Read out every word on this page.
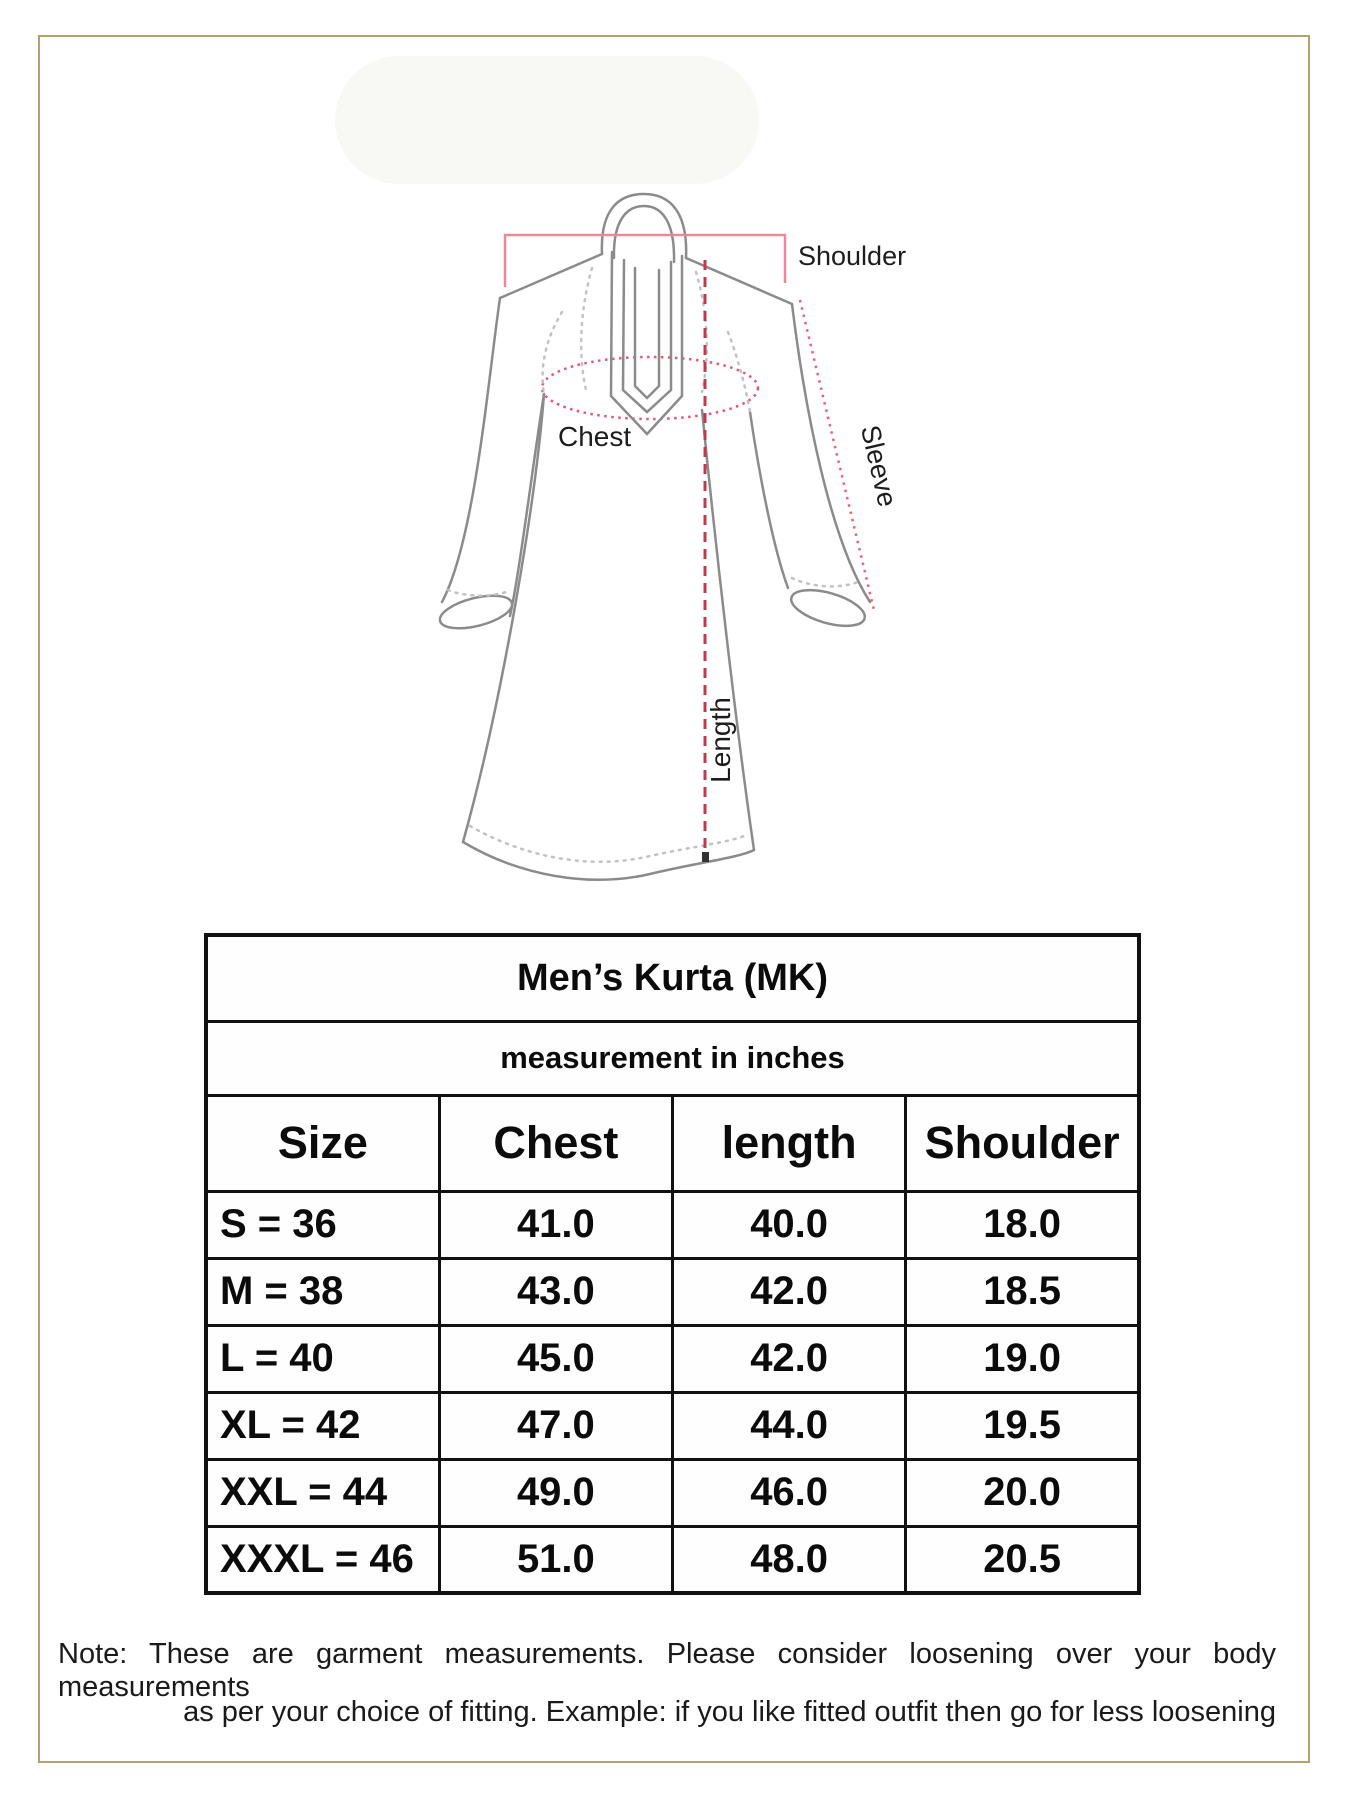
Shoulder
Sleeve
Chest
Length
Men’s Kurta (MK)			
measurement in inches			
Size	Chest	length	Shoulder
S = 36	41.0	40.0	18.0
M = 38	43.0	42.0	18.5
L = 40	45.0	42.0	19.0
XL = 42	47.0	44.0	19.5
XXL = 44	49.0	46.0	20.0
XXXL = 46	51.0	48.0	20.5
Note: These are garment measurements. Please consider loosening over your body measurements
as per your choice of fitting. Example: if you like fitted outfit then go for less loosening
